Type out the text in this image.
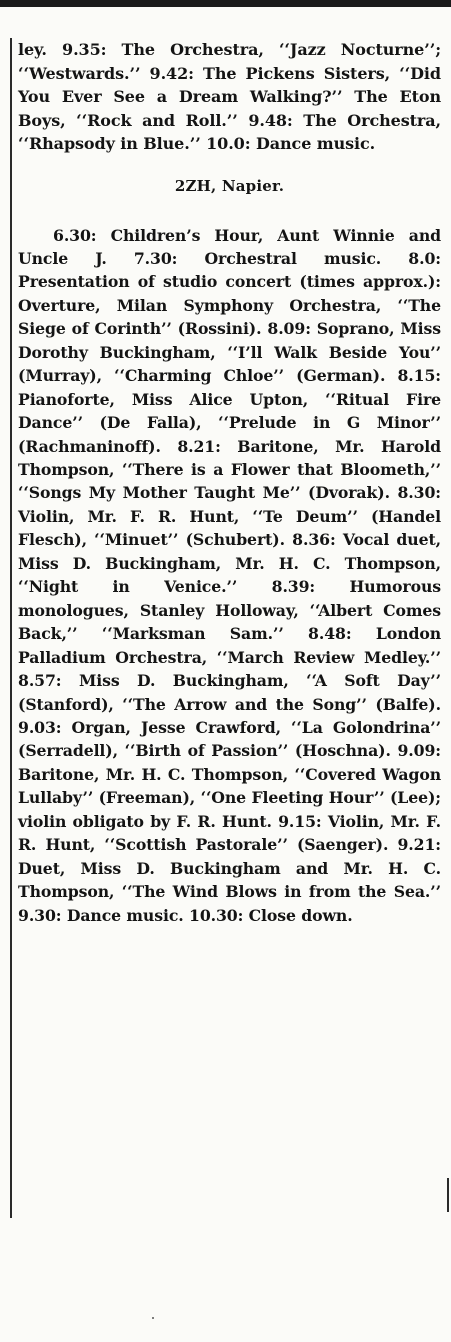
ley. 9.35: The Orchestra, ‘‘Jazz Nocturne’’; ‘‘Westwards.’’ 9.42: The Pickens Sisters, ‘‘Did You Ever See a Dream Walking?’’ The Eton Boys, ‘‘Rock and Roll.’’ 9.48: The Orchestra, ‘‘Rhapsody in Blue.’’ 10.0: Dance music.

2ZH, Napier.

6.30: Children’s Hour, Aunt Winnie and Uncle J. 7.30: Orchestral music. 8.0: Presentation of studio concert (times approx.): Overture, Milan Symphony Orchestra, ‘‘The Siege of Corinth’’ (Rossini). 8.09: Soprano, Miss Dorothy Buckingham, ‘‘I’ll Walk Beside You’’ (Murray), ‘‘Charming Chloe’’ (German). 8.15: Pianoforte, Miss Alice Upton, ‘‘Ritual Fire Dance’’ (De Falla), ‘‘Prelude in G Minor’’ (Rachmaninoff). 8.21: Baritone, Mr. Harold Thompson, ‘‘There is a Flower that Bloometh,’’ ‘‘Songs My Mother Taught Me’’ (Dvorak). 8.30: Violin, Mr. F. R. Hunt, ‘‘Te Deum’’ (Handel Flesch), ‘‘Minuet’’ (Schubert). 8.36: Vocal duet, Miss D. Buckingham, Mr. H. C. Thompson, ‘‘Night in Venice.’’ 8.39: Humorous monologues, Stanley Holloway, ‘‘Albert Comes Back,’’ ‘‘Marksman Sam.’’ 8.48: London Palladium Orchestra, ‘‘March Review Medley.’’ 8.57: Miss D. Buckingham, ‘‘A Soft Day’’ (Stanford), ‘‘The Arrow and the Song’’ (Balfe). 9.03: Organ, Jesse Crawford, ‘‘La Golondrina’’ (Serradell), ‘‘Birth of Passion’’ (Hoschna). 9.09: Baritone, Mr. H. C. Thompson, ‘‘Covered Wagon Lullaby’’ (Freeman), ‘‘One Fleeting Hour’’ (Lee); violin obligato by F. R. Hunt. 9.15: Violin, Mr. F. R. Hunt, ‘‘Scottish Pastorale’’ (Saenger). 9.21: Duet, Miss D. Buckingham and Mr. H. C. Thompson, ‘‘The Wind Blows in from the Sea.’’ 9.30: Dance music. 10.30: Close down.
